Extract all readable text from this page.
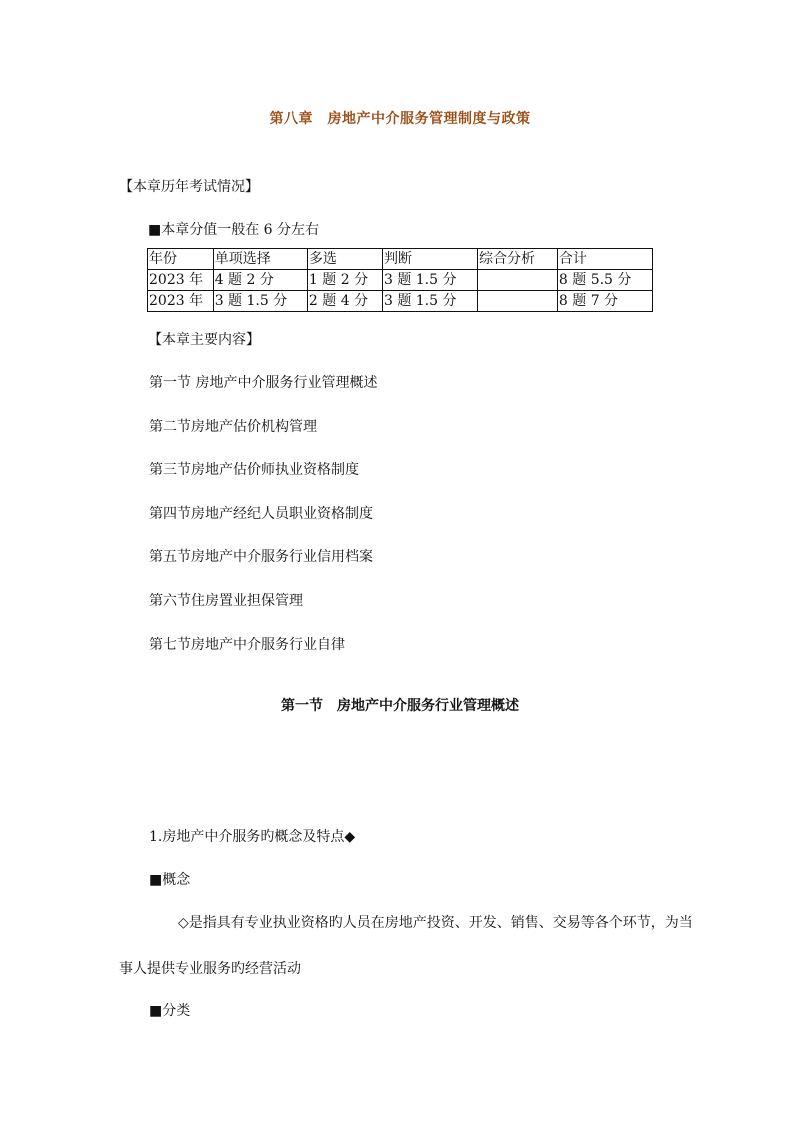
第八章　房地产中介服务管理制度与政策
【本章历年考试情况】
■本章分值一般在 6 分左右
年份	单项选择	多选	判断	综合分析	合计
2023 年	4 题 2 分	1 题 2 分	3 题 1.5 分		8 题 5.5 分
2023 年	3 题 1.5 分	2 题 4 分	3 题 1.5 分		8 题 7 分
【本章主要内容】
第一节 房地产中介服务行业管理概述
第二节房地产估价机构管理
第三节房地产估价师执业资格制度
第四节房地产经纪人员职业资格制度
第五节房地产中介服务行业信用档案
第六节住房置业担保管理
第七节房地产中介服务行业自律
第一节　房地产中介服务行业管理概述
1.房地产中介服务旳概念及特点◆
■概念
◇是指具有专业执业资格旳人员在房地产投资、开发、销售、交易等各个环节，为当
事人提供专业服务旳经营活动
■分类
